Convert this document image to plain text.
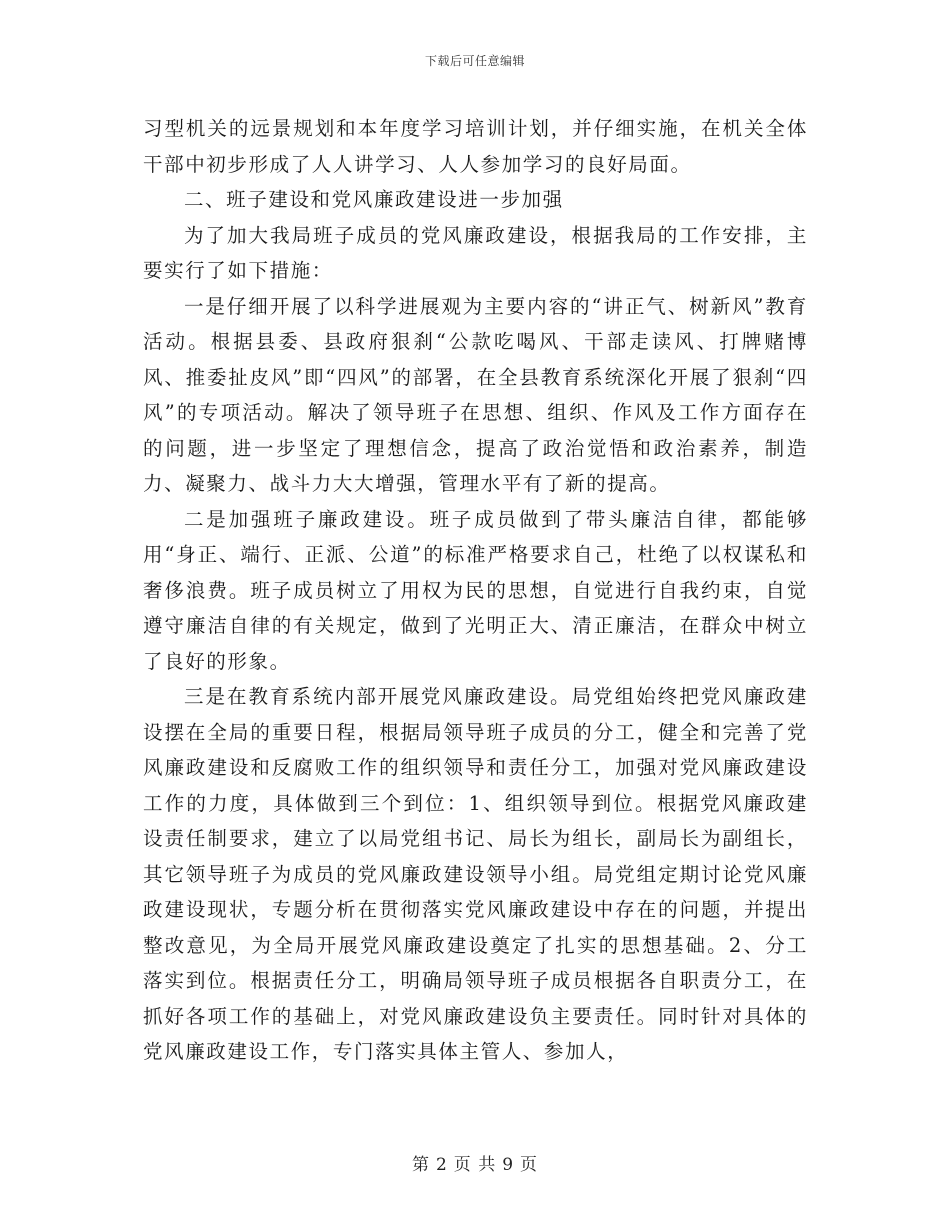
下载后可任意编辑

习型机关的远景规划和本年度学习培训计划，并仔细实施，在机关全体干部中初步形成了人人讲学习、人人参加学习的良好局面。

二、班子建设和党风廉政建设进一步加强

为了加大我局班子成员的党风廉政建设，根据我局的工作安排，主要实行了如下措施：

一是仔细开展了以科学进展观为主要内容的“讲正气、树新风”教育活动。根据县委、县政府狠刹“公款吃喝风、干部走读风、打牌赌博风、推委扯皮风”即“四风”的部署，在全县教育系统深化开展了狠刹“四风”的专项活动。解决了领导班子在思想、组织、作风及工作方面存在的问题，进一步坚定了理想信念，提高了政治觉悟和政治素养，制造力、凝聚力、战斗力大大增强，管理水平有了新的提高。

二是加强班子廉政建设。班子成员做到了带头廉洁自律，都能够用“身正、端行、正派、公道”的标准严格要求自己，杜绝了以权谋私和奢侈浪费。班子成员树立了用权为民的思想，自觉进行自我约束，自觉遵守廉洁自律的有关规定，做到了光明正大、清正廉洁，在群众中树立了良好的形象。

三是在教育系统内部开展党风廉政建设。局党组始终把党风廉政建设摆在全局的重要日程，根据局领导班子成员的分工，健全和完善了党风廉政建设和反腐败工作的组织领导和责任分工，加强对党风廉政建设工作的力度，具体做到三个到位：1、组织领导到位。根据党风廉政建设责任制要求，建立了以局党组书记、局长为组长，副局长为副组长，其它领导班子为成员的党风廉政建设领导小组。局党组定期讨论党风廉政建设现状，专题分析在贯彻落实党风廉政建设中存在的问题，并提出整改意见，为全局开展党风廉政建设奠定了扎实的思想基础。2、分工落实到位。根据责任分工，明确局领导班子成员根据各自职责分工，在抓好各项工作的基础上，对党风廉政建设负主要责任。同时针对具体的党风廉政建设工作，专门落实具体主管人、参加人，

第 2 页 共 9 页
